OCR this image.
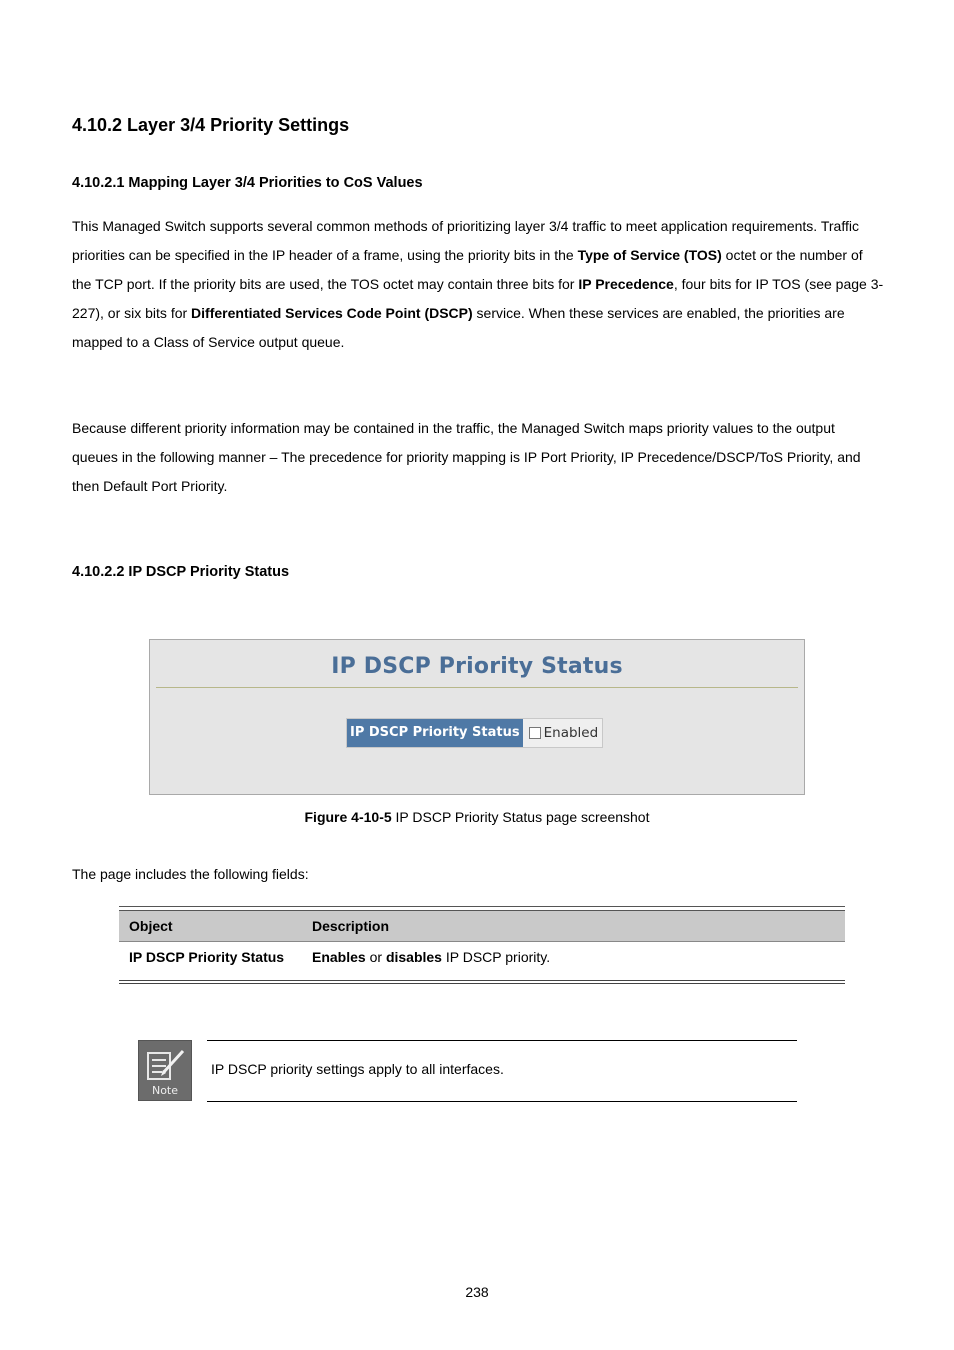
4.10.2 Layer 3/4 Priority Settings
4.10.2.1 Mapping Layer 3/4 Priorities to CoS Values

This Managed Switch supports several common methods of prioritizing layer 3/4 traffic to meet application requirements. Traffic priorities can be specified in the IP header of a frame, using the priority bits in the Type of Service (TOS) octet or the number of the TCP port. If the priority bits are used, the TOS octet may contain three bits for IP Precedence, four bits for IP TOS (see page 3-227), or six bits for Differentiated Services Code Point (DSCP) service. When these services are enabled, the priorities are mapped to a Class of Service output queue.

Because different priority information may be contained in the traffic, the Managed Switch maps priority values to the output queues in the following manner – The precedence for priority mapping is IP Port Priority, IP Precedence/DSCP/ToS Priority, and then Default Port Priority.

4.10.2.2 IP DSCP Priority Status
IP DSCP Priority Status
IP DSCP Priority Status Enabled
Figure 4-10-5 IP DSCP Priority Status page screenshot
The page includes the following fields:
Object	Description
IP DSCP Priority Status	Enables or disables IP DSCP priority.
Note
IP DSCP priority settings apply to all interfaces.
238
